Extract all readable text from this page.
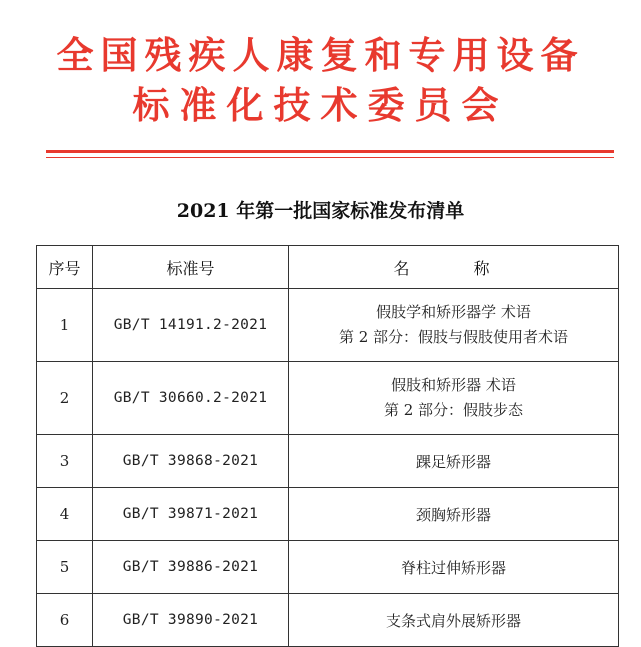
全国残疾人康复和专用设备
标准化技术委员会
2021 年第一批国家标准发布清单
序号	标准号	名　称
1	GB/T 14191.2-2021	假肢学和矫形器学 术语
第 2 部分：假肢与假肢使用者术语

2	GB/T 30660.2-2021	假肢和矫形器 术语
第 2 部分：假肢步态

3	GB/T 39868-2021	踝足矫形器

4	GB/T 39871-2021	颈胸矫形器

5	GB/T 39886-2021	脊柱过伸矫形器

6	GB/T 39890-2021	支条式肩外展矫形器
